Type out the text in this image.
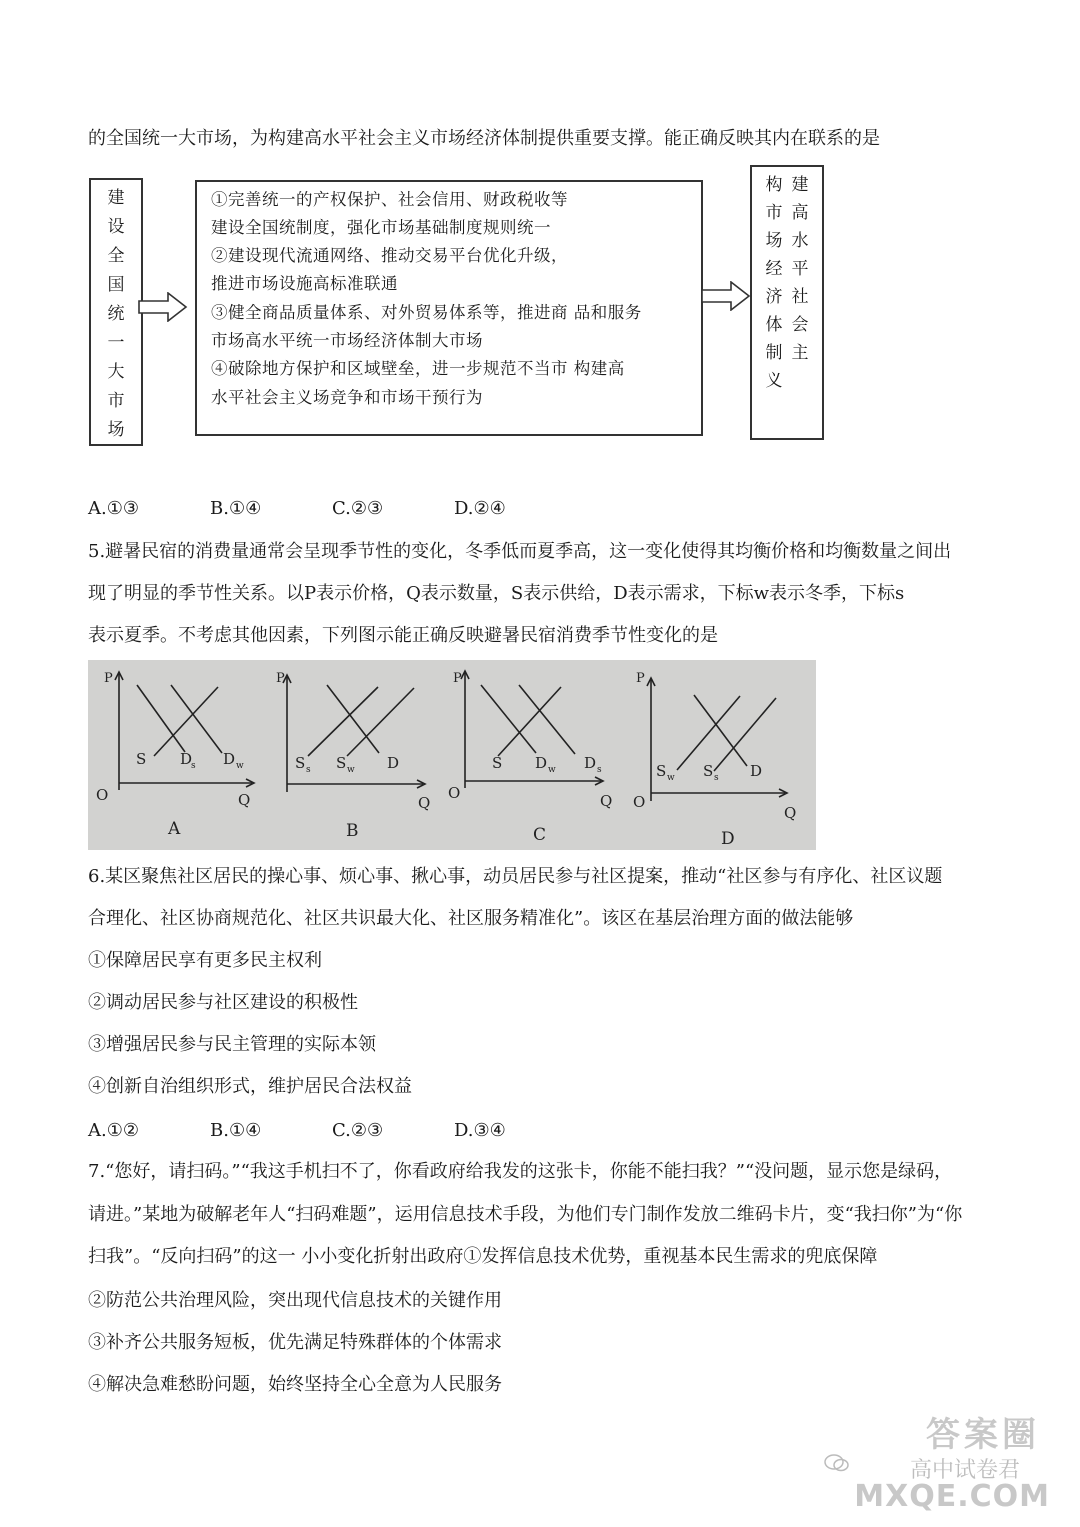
的全国统一大市场，为构建高水平社会主义市场经济体制提供重要支撑。能正确反映其内在联系的是
建
设
全
国
统
一
大
市
场
①完善统一的产权保护、社会信用、财政税收等
建设全国统制度，强化市场基础制度规则统一
②建设现代流通网络、推动交易平台优化升级，
推进市场设施高标准联通
③健全商品质量体系、对外贸易体系等，推进商 品和服务
市场高水平统一市场经济体制大市场
④破除地方保护和区域壁垒，进一步规范不当市 构建高
水平社会主义场竞争和市场干预行为
构
市
场
经
济
体
制
义
建
高
水
平
社
会
主
A.①③	B.①④	C.②③	D.②④
5.避暑民宿的消费量通常会呈现季节性的变化，冬季低而夏季高，这一变化使得其均衡价格和均衡数量之间出
现了明显的季节性关系。以P表示价格，Q表示数量，S表示供给，D表示需求，下标w表示冬季，下标s
表示夏季。不考虑其他因素，下列图示能正确反映避暑民宿消费季节性变化的是
P
Q
O
S D
s D w
A
P
Q
S s S w D
B
P
Q
O
S D w D s
C
P
Q
O
S w S s D
D
6.某区聚焦社区居民的操心事、烦心事、揪心事，动员居民参与社区提案，推动“社区参与有序化、社区议题
合理化、社区协商规范化、社区共识最大化、社区服务精准化”。该区在基层治理方面的做法能够
①保障居民享有更多民主权利
②调动居民参与社区建设的积极性
③增强居民参与民主管理的实际本领
④创新自治组织形式，维护居民合法权益
A.①②	B.①④	C.②③	D.③④
7.“您好，请扫码。”“我这手机扫不了，你看政府给我发的这张卡，你能不能扫我？”“没问题，显示您是绿码，
请进。”某地为破解老年人“扫码难题”，运用信息技术手段，为他们专门制作发放二维码卡片，变“我扫你”为“你
扫我”。“反向扫码”的这一 小小变化折射出政府①发挥信息技术优势，重视基本民生需求的兜底保障
②防范公共治理风险，突出现代信息技术的关键作用
③补齐公共服务短板，优先满足特殊群体的个体需求
④解决急难愁盼问题，始终坚持全心全意为人民服务
答案圈
高中试卷君
MXQE.COM
